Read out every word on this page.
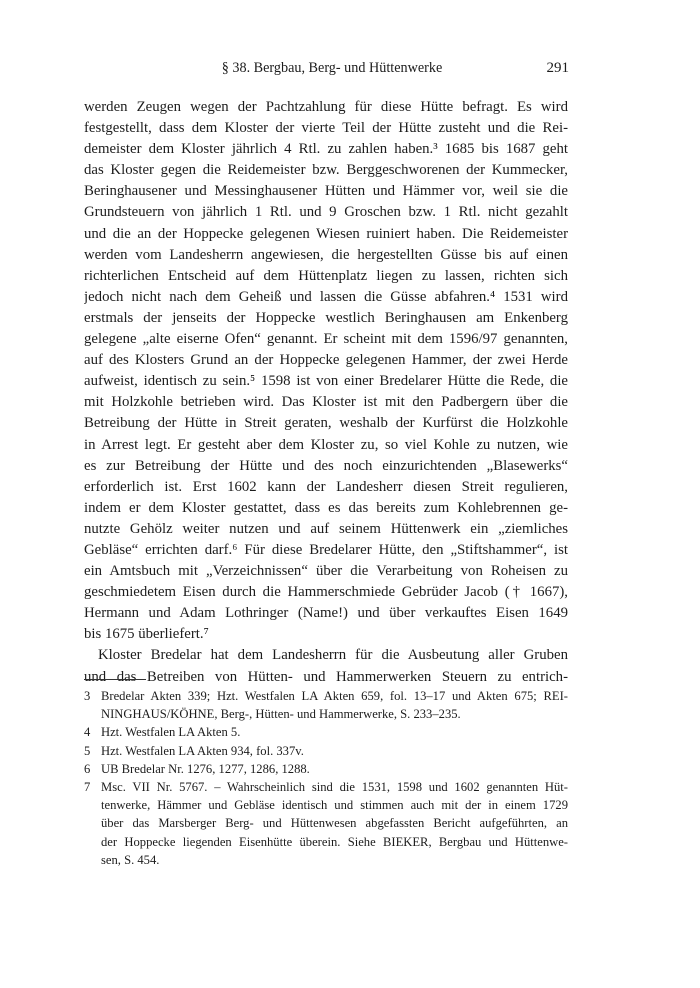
§ 38. Bergbau, Berg- und Hüttenwerke	291
werden Zeugen wegen der Pachtzahlung für diese Hütte befragt. Es wird
festgestellt, dass dem Kloster der vierte Teil der Hütte zusteht und die Rei-
demeister dem Kloster jährlich 4 Rtl. zu zahlen haben.³ 1685 bis 1687 geht
das Kloster gegen die Reidemeister bzw. Berggeschworenen der Kummecker,
Beringhausener und Messinghausener Hütten und Hämmer vor, weil sie die
Grundsteuern von jährlich 1 Rtl. und 9 Groschen bzw. 1 Rtl. nicht gezahlt
und die an der Hoppecke gelegenen Wiesen ruiniert haben. Die Reidemeister
werden vom Landesherrn angewiesen, die hergestellten Güsse bis auf einen
richterlichen Entscheid auf dem Hüttenplatz liegen zu lassen, richten sich
jedoch nicht nach dem Geheiß und lassen die Güsse abfahren.⁴ 1531 wird
erstmals der jenseits der Hoppecke westlich Beringhausen am Enkenberg
gelegene „alte eiserne Ofen“ genannt. Er scheint mit dem 1596/97 genannten,
auf des Klosters Grund an der Hoppecke gelegenen Hammer, der zwei Herde
aufweist, identisch zu sein.⁵ 1598 ist von einer Bredelarer Hütte die Rede, die
mit Holzkohle betrieben wird. Das Kloster ist mit den Padbergern über die
Betreibung der Hütte in Streit geraten, weshalb der Kurfürst die Holzkohle
in Arrest legt. Er gesteht aber dem Kloster zu, so viel Kohle zu nutzen, wie
es zur Betreibung der Hütte und des noch einzurichtenden „Blasewerks“
erforderlich ist. Erst 1602 kann der Landesherr diesen Streit regulieren,
indem er dem Kloster gestattet, dass es das bereits zum Kohlebrennen ge-
nutzte Gehölz weiter nutzen und auf seinem Hüttenwerk ein „ziemliches
Gebläse“ errichten darf.⁶ Für diese Bredelarer Hütte, den „Stiftshammer“, ist
ein Amtsbuch mit „Verzeichnissen“ über die Verarbeitung von Roheisen zu
geschmiedetem Eisen durch die Hammerschmiede Gebrüder Jacob († 1667),
Hermann und Adam Lothringer (Name!) und über verkauftes Eisen 1649
bis 1675 überliefert.⁷
Kloster Bredelar hat dem Landesherrn für die Ausbeutung aller Gruben
und das Betreiben von Hütten- und Hammerwerken Steuern zu entrich-
3 Bredelar Akten 339; Hzt. Westfalen LA Akten 659, fol. 13–17 und Akten 675; REI-
NINGHAUS/KÖHNE, Berg-, Hütten- und Hammerwerke, S. 233–235.
4 Hzt. Westfalen LA Akten 5.
5 Hzt. Westfalen LA Akten 934, fol. 337v.
6 UB Bredelar Nr. 1276, 1277, 1286, 1288.
7 Msc. VII Nr. 5767. – Wahrscheinlich sind die 1531, 1598 und 1602 genannten Hüt-
tenwerke, Hämmer und Gebläse identisch und stimmen auch mit der in einem 1729
über das Marsberger Berg- und Hüttenwesen abgefassten Bericht aufgeführten, an
der Hoppecke liegenden Eisenhütte überein. Siehe BIEKER, Bergbau und Hüttenwe-
sen, S. 454.
